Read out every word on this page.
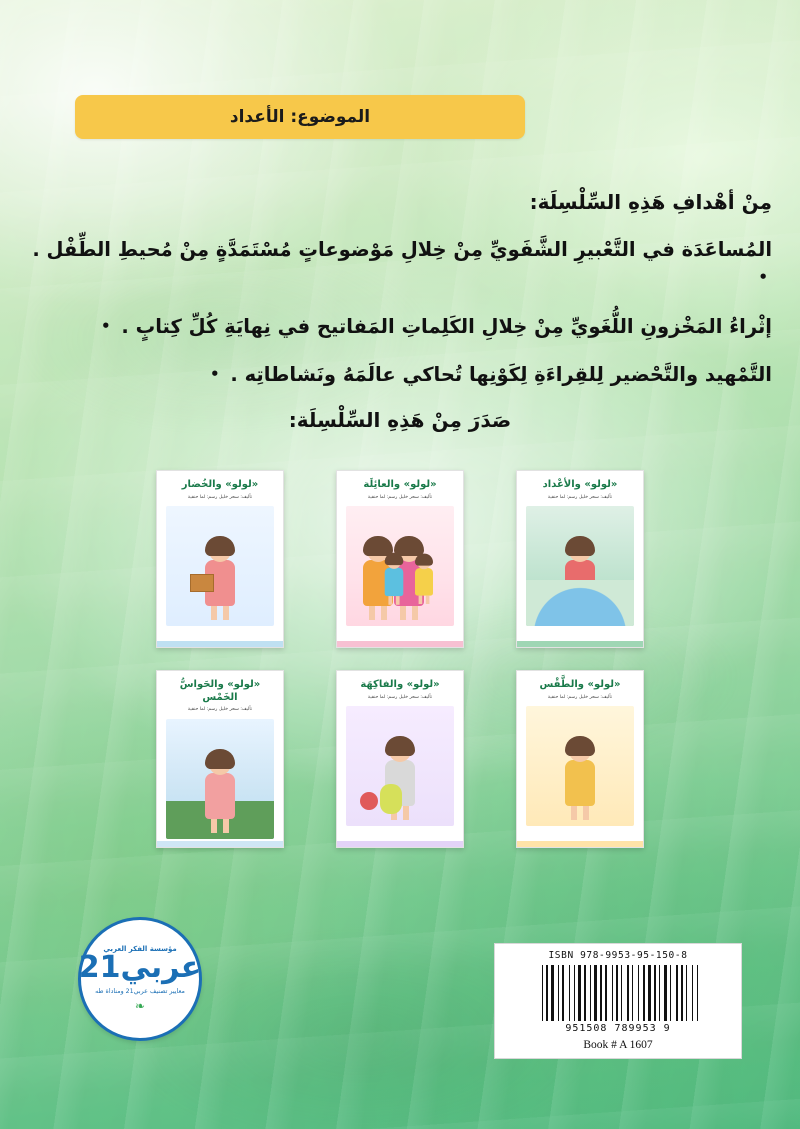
الموضوع: الأعداد

مِنْ أهْدافِ هَذِهِ السِّلْسِلَة:

المُساعَدَة في التَّعْبيرِ الشَّفَويِّ مِنْ خِلالِ مَوْضوعاتٍ مُسْتَمَدَّةٍ مِنْ مُحيطِ الطِّفْل . •
إثْراءُ المَخْزونِ اللُّغَويِّ مِنْ خِلالِ الكَلِماتِ المَفاتيح في نِهايَةِ كُلِّ كِتابٍ . •
التَّمْهيد والتَّحْضير لِلقِراءَةِ لِكَوْنِها تُحاكي عالَمَهُ ونَشاطاتِه . •
صَدَرَ مِنْ هَذِهِ السِّلْسِلَة:
«لولو» والأعْداد
تأليف: سحر خليل رسم: لما حنفية
«لولو» والعائِلَة
تأليف: سحر خليل رسم: لما حنفية
«لولو» والخُضار
تأليف: سحر خليل رسم: لما حنفية
«لولو» والطَّقْس
تأليف: سحر خليل رسم: لما حنفية
«لولو» والفاكِهَة
تأليف: سحر خليل رسم: لما حنفية
«لولو» والحَواسُّ الخَمْس
تأليف: سحر خليل رسم: لما حنفية
مؤسسة الفكر العربي
عربي21
معايير تصنيف عربي21 ومناداة طه
❧
ISBN 978-9953-95-150-8
9 789953 951508
Book # A 1607
